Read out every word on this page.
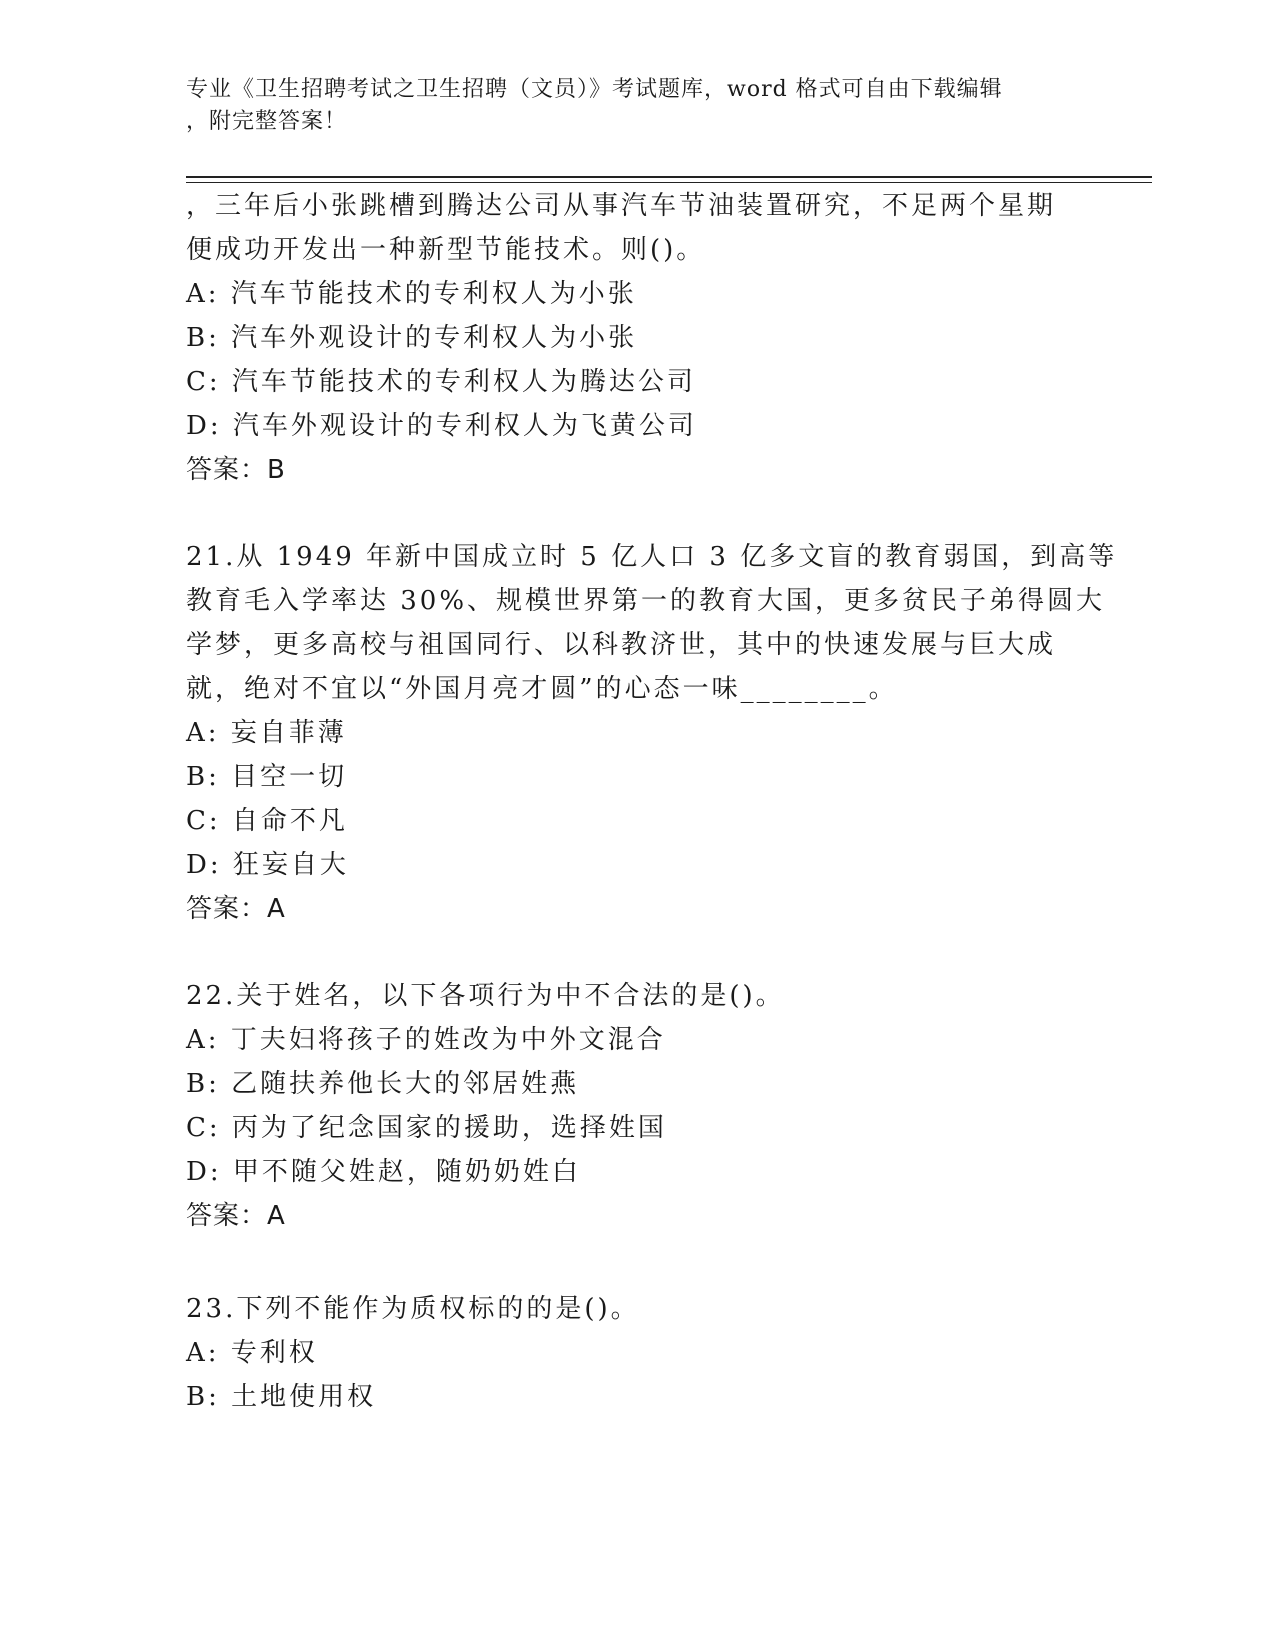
专业《卫生招聘考试之卫生招聘（文员）》考试题库，word 格式可自由下载编辑
，附完整答案！
，三年后小张跳槽到腾达公司从事汽车节油装置研究，不足两个星期
便成功开发出一种新型节能技术。则()。
A: 汽车节能技术的专利权人为小张
B: 汽车外观设计的专利权人为小张
C: 汽车节能技术的专利权人为腾达公司
D: 汽车外观设计的专利权人为飞黄公司
答案：B
21.从 1949 年新中国成立时 5 亿人口 3 亿多文盲的教育弱国，到高等
教育毛入学率达 30%、规模世界第一的教育大国，更多贫民子弟得圆大
学梦，更多高校与祖国同行、以科教济世，其中的快速发展与巨大成
就，绝对不宜以“外国月亮才圆”的心态一味________。
A: 妄自菲薄
B: 目空一切
C: 自命不凡
D: 狂妄自大
答案：A
22.关于姓名，以下各项行为中不合法的是()。
A: 丁夫妇将孩子的姓改为中外文混合
B: 乙随扶养他长大的邻居姓燕
C: 丙为了纪念国家的援助，选择姓国
D: 甲不随父姓赵，随奶奶姓白
答案：A
23.下列不能作为质权标的的是()。
A: 专利权
B: 土地使用权
